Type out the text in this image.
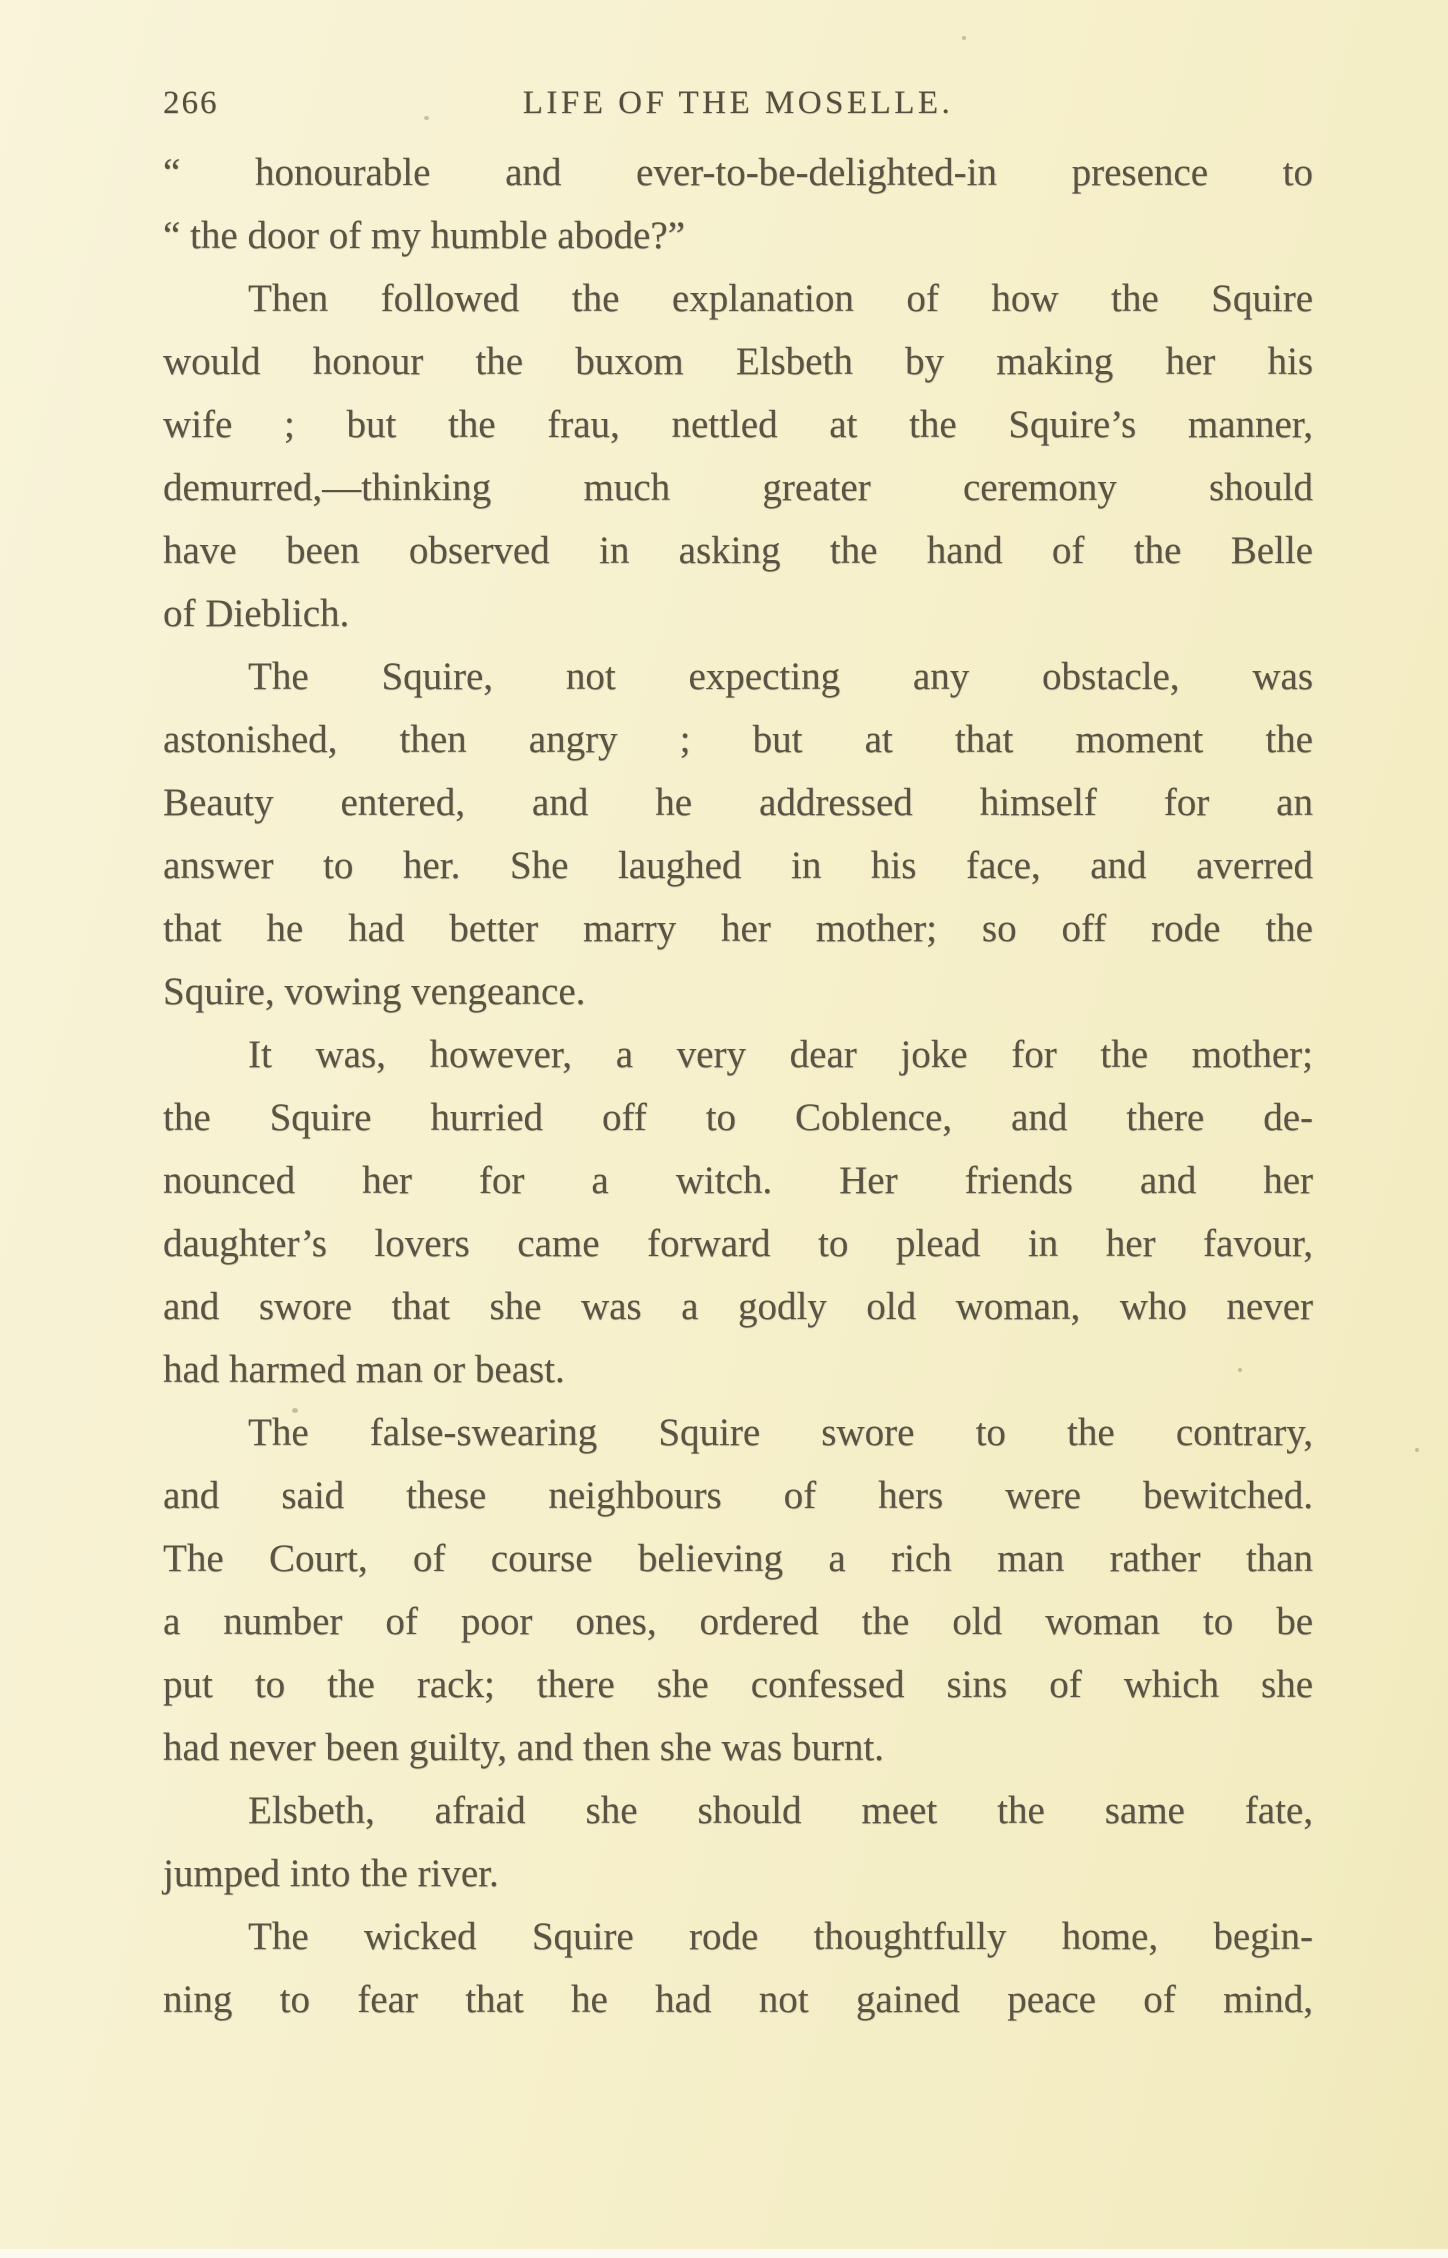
266	LIFE OF THE MOSELLE.

“ honourable and ever-to-be-delighted-in presence to
“ the door of my humble abode?”

Then followed the explanation of how the Squire
would honour the buxom Elsbeth by making her his
wife ; but the frau, nettled at the Squire’s manner,
demurred,—thinking much greater ceremony should
have been observed in asking the hand of the Belle
of Dieblich.

The Squire, not expecting any obstacle, was
astonished, then angry ; but at that moment the
Beauty entered, and he addressed himself for an
answer to her. She laughed in his face, and averred
that he had better marry her mother; so off rode the
Squire, vowing vengeance.

It was, however, a very dear joke for the mother;
the Squire hurried off to Coblence, and there de-
nounced her for a witch. Her friends and her
daughter’s lovers came forward to plead in her favour,
and swore that she was a godly old woman, who never
had harmed man or beast.

The false-swearing Squire swore to the contrary,
and said these neighbours of hers were bewitched.
The Court, of course believing a rich man rather than
a number of poor ones, ordered the old woman to be
put to the rack; there she confessed sins of which she
had never been guilty, and then she was burnt.

Elsbeth, afraid she should meet the same fate,
jumped into the river.

The wicked Squire rode thoughtfully home, begin-
ning to fear that he had not gained peace of mind,
